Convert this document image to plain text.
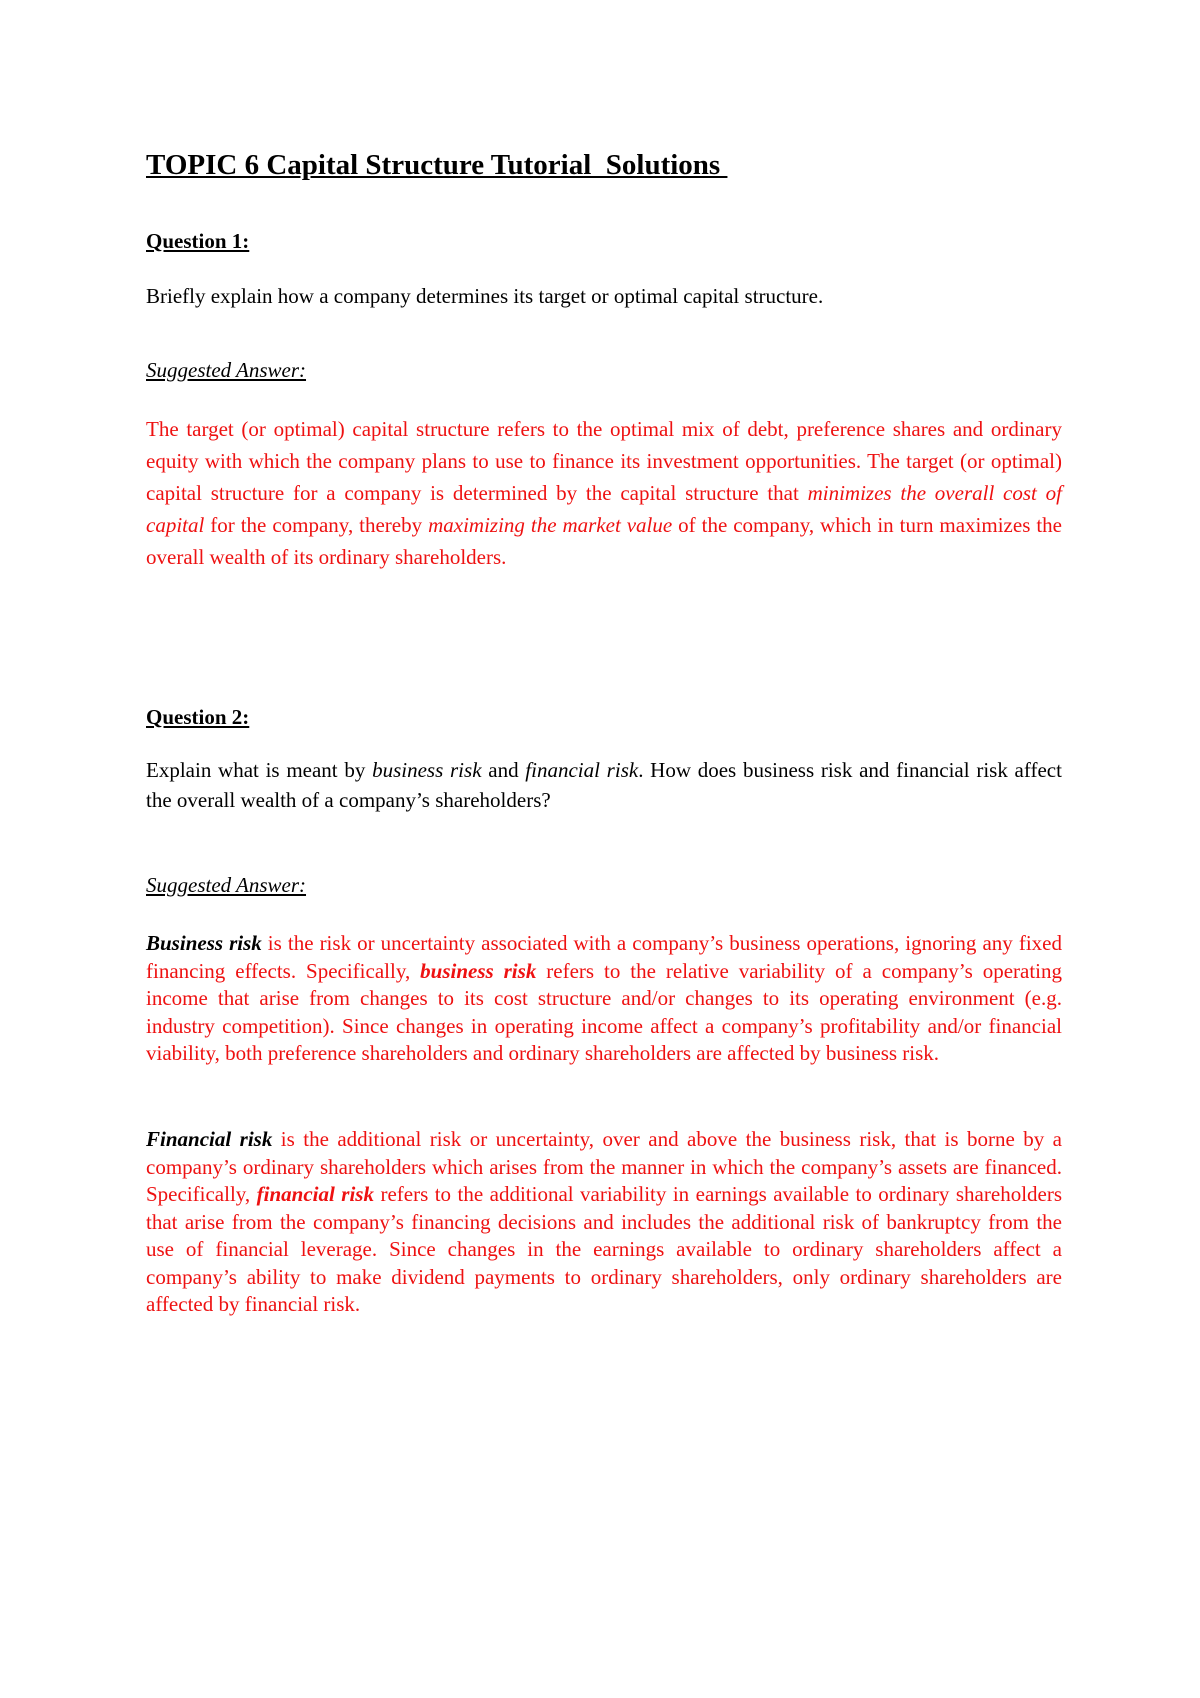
TOPIC 6 Capital Structure Tutorial  Solutions
Question 1:

Briefly explain how a company determines its target or optimal capital structure.

Suggested Answer:

The target (or optimal) capital structure refers to the optimal mix of debt, preference shares and ordinary equity with which the company plans to use to finance its investment opportunities. The target (or optimal) capital structure for a company is determined by the capital structure that minimizes the overall cost of capital for the company, thereby maximizing the market value of the company, which in turn maximizes the overall wealth of its ordinary shareholders.

Question 2:

Explain what is meant by business risk and financial risk. How does business risk and financial risk affect the overall wealth of a company’s shareholders?

Suggested Answer:

Business risk is the risk or uncertainty associated with a company’s business operations, ignoring any fixed financing effects. Specifically, business risk refers to the relative variability of a company’s operating income that arise from changes to its cost structure and/or changes to its operating environment (e.g. industry competition). Since changes in operating income affect a company’s profitability and/or financial viability, both preference shareholders and ordinary shareholders are affected by business risk.

Financial risk is the additional risk or uncertainty, over and above the business risk, that is borne by a company’s ordinary shareholders which arises from the manner in which the company’s assets are financed. Specifically, financial risk refers to the additional variability in earnings available to ordinary shareholders that arise from the company’s financing decisions and includes the additional risk of bankruptcy from the use of financial leverage. Since changes in the earnings available to ordinary shareholders affect a company’s ability to make dividend payments to ordinary shareholders, only ordinary shareholders are affected by financial risk.
